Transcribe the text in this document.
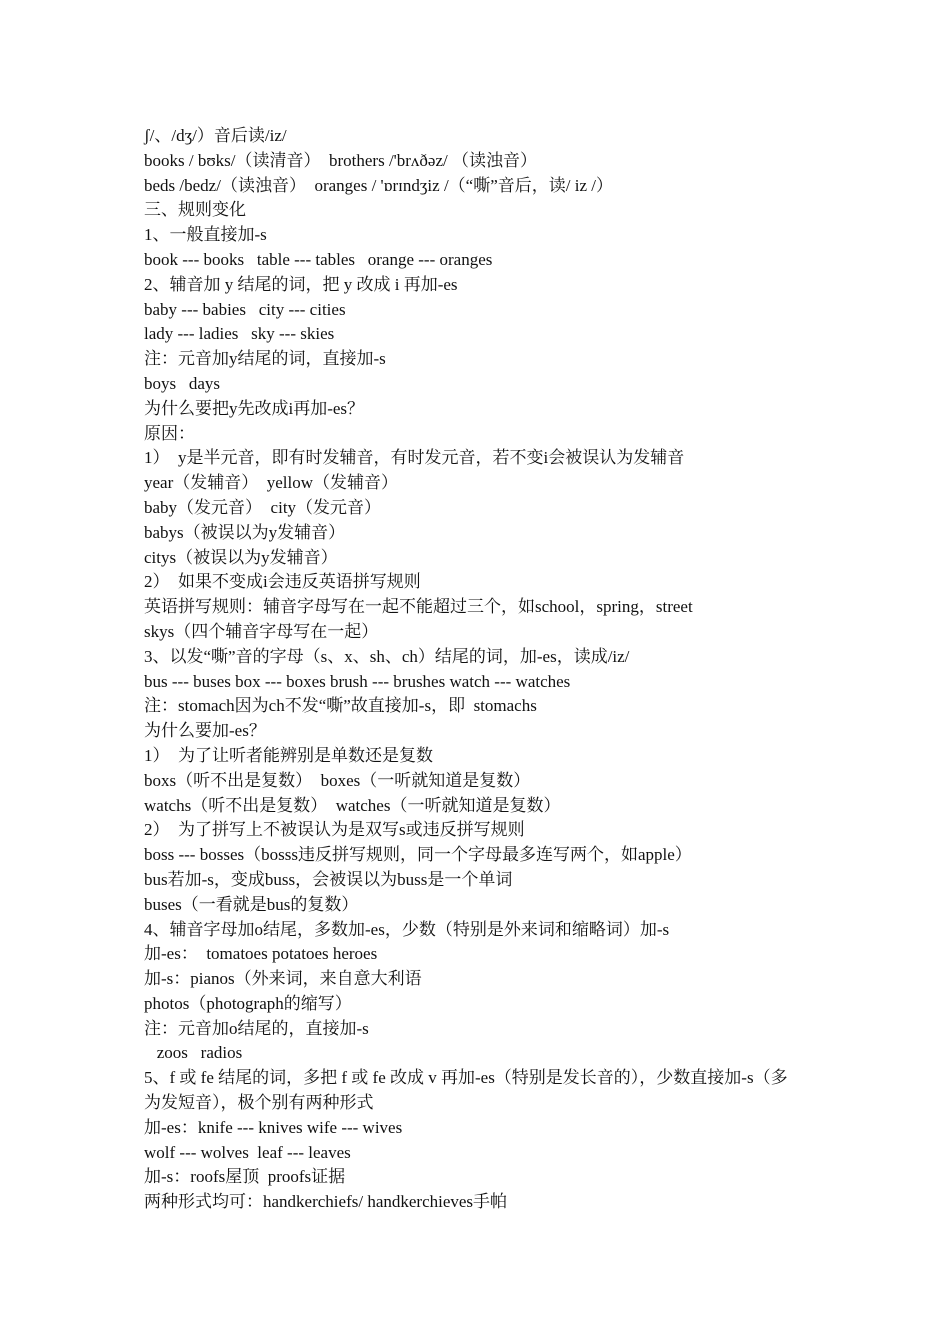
ʃ/、/dʒ/）音后读/iz/

books / bʊks/（读清音）  brothers /'brʌðəz/ （读浊音）

beds /bedz/（读浊音）  oranges / 'ɒrɪndʒiz /（“嘶”音后，读/ iz /）

三、规则变化

1、一般直接加-s

book --- books   table --- tables   orange --- oranges

2、辅音加 y 结尾的词，把 y 改成 i 再加-es

baby --- babies   city --- cities

lady --- ladies   sky --- skies

注：元音加y结尾的词，直接加-s

boys   days

为什么要把y先改成i再加-es？

原因：

1）  y是半元音，即有时发辅音，有时发元音，若不变i会被误认为发辅音

year（发辅音）  yellow（发辅音）

baby（发元音）  city（发元音）

babys（被误以为y发辅音）

citys（被误以为y发辅音）

2）  如果不变成i会违反英语拼写规则

英语拼写规则：辅音字母写在一起不能超过三个，如school，spring，street

skys（四个辅音字母写在一起）

3、以发“嘶”音的字母（s、x、sh、ch）结尾的词，加-es，读成/iz/

bus --- buses box --- boxes brush --- brushes watch --- watches

注：stomach因为ch不发“嘶”故直接加-s，即  stomachs

为什么要加-es？

1）  为了让听者能辨别是单数还是复数

boxs（听不出是复数）  boxes（一听就知道是复数）

watchs（听不出是复数）  watches（一听就知道是复数）

2）  为了拼写上不被误认为是双写s或违反拼写规则

boss --- bosses（bosss违反拼写规则，同一个字母最多连写两个，如apple）

bus若加-s，变成buss，会被误以为buss是一个单词

buses（一看就是bus的复数）

4、辅音字母加o结尾，多数加-es，少数（特别是外来词和缩略词）加-s

加-es：  tomatoes potatoes heroes

加-s：pianos（外来词，来自意大利语

photos（photograph的缩写）

注：元音加o结尾的，直接加-s

zoos   radios

5、f 或 fe 结尾的词，多把 f 或 fe 改成 v 再加-es（特别是发长音的），少数直接加-s（多

为发短音），极个别有两种形式

加-es：knife --- knives wife --- wives

wolf --- wolves  leaf --- leaves

加-s：roofs屋顶  proofs证据

两种形式均可：handkerchiefs/ handkerchieves手帕
